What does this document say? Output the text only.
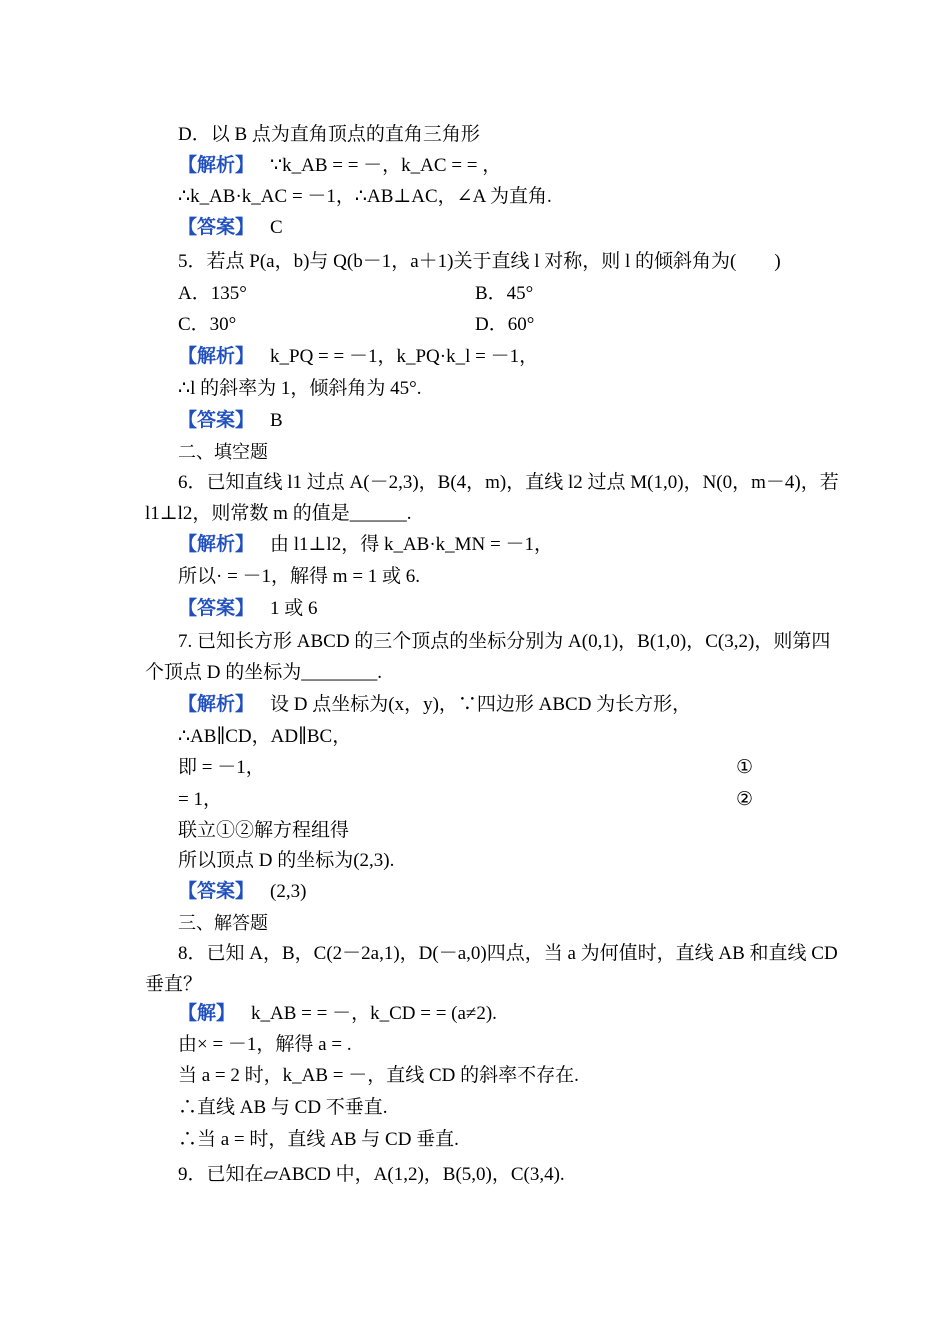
D．以 B 点为直角顶点的直角三角形
【解析】 ∵k_AB = = －，k_AC = = ，
∴k_AB·k_AC = －1，∴AB⊥AC，∠A 为直角.
【答案】 C
5．若点 P(a，b)与 Q(b－1，a＋1)关于直线 l 对称，则 l 的倾斜角为(　　)
A．135°	B．45°
C．30°	D．60°
【解析】 k_PQ = = －1，k_PQ·k_l = －1，
∴l 的斜率为 1，倾斜角为 45°.
【答案】 B
二、填空题
6．已知直线 l1 过点 A(－2,3)，B(4，m)，直线 l2 过点 M(1,0)，N(0，m－4)，若
l1⊥l2，则常数 m 的值是______.
【解析】 由 l1⊥l2，得 k_AB·k_MN = －1，
所以· = －1，解得 m = 1 或 6.
【答案】 1 或 6
7. 已知长方形 ABCD 的三个顶点的坐标分别为 A(0,1)，B(1,0)，C(3,2)，则第四
个顶点 D 的坐标为________.
【解析】 设 D 点坐标为(x，y)，∵四边形 ABCD 为长方形，
∴AB∥CD，AD∥BC，
即 = －1，	①
= 1，	②
联立①②解方程组得
所以顶点 D 的坐标为(2,3).
【答案】 (2,3)
三、解答题
8．已知 A，B，C(2－2a,1)，D(－a,0)四点，当 a 为何值时，直线 AB 和直线 CD
垂直？
【解】 k_AB = = －，k_CD = = (a≠2).
由× = －1，解得 a = .
当 a = 2 时，k_AB = －，直线 CD 的斜率不存在.
∴直线 AB 与 CD 不垂直.
∴当 a = 时，直线 AB 与 CD 垂直.
9．已知在▱ABCD 中，A(1,2)，B(5,0)，C(3,4).
